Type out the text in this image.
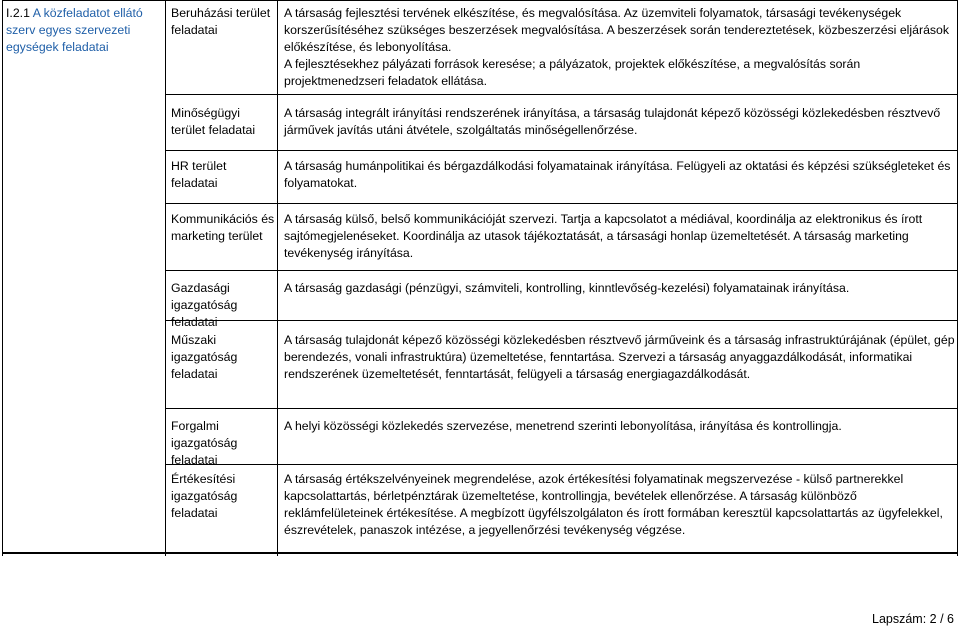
I.2.1 A közfeladatot ellátó szerv egyes szervezeti egységek feladatai
Beruházási terület feladatai
A társaság fejlesztési tervének elkészítése, és megvalósítása. Az üzemviteli folyamatok, társasági tevékenységek korszerűsítéséhez szükséges beszerzések megvalósítása. A beszerzések során tendereztetések, közbeszerzési eljárások előkészítése, és lebonyolítása.
A fejlesztésekhez pályázati források keresése; a pályázatok, projektek előkészítése, a megvalósítás során projektmenedzseri feladatok ellátása.
Minőségügyi terület feladatai
A társaság integrált irányítási rendszerének irányítása, a társaság tulajdonát képező közösségi közlekedésben résztvevő járművek javítás utáni átvétele, szolgáltatás minőségellenőrzése.
HR terület feladatai
A társaság humánpolitikai és bérgazdálkodási folyamatainak irányítása. Felügyeli az oktatási és képzési szükségleteket és folyamatokat.
Kommunikációs és marketing terület
A társaság külső, belső kommunikációját szervezi. Tartja a kapcsolatot a médiával, koordinálja az elektronikus és írott sajtómegjelenéseket. Koordinálja az utasok tájékoztatását, a társasági honlap üzemeltetését. A társaság marketing tevékenység irányítása.
Gazdasági igazgatóság feladatai
A társaság gazdasági (pénzügyi, számviteli, kontrolling, kinntlevőség-kezelési) folyamatainak irányítása.
Műszaki igazgatóság feladatai
A társaság tulajdonát képező közösségi közlekedésben résztvevő járműveink és a társaság infrastruktúrájának (épület, gép berendezés, vonali infrastruktúra) üzemeltetése, fenntartása. Szervezi a társaság anyaggazdálkodását, informatikai rendszerének üzemeltetését, fenntartását, felügyeli a társaság energiagazdálkodását.
Forgalmi igazgatóság feladatai
A helyi közösségi közlekedés szervezése, menetrend szerinti lebonyolítása, irányítása és kontrollingja.
Értékesítési igazgatóság feladatai
A társaság értékszelvényeinek megrendelése, azok értékesítési folyamatinak megszervezése - külső partnerekkel kapcsolattartás, bérletpénztárak üzemeltetése, kontrollingja, bevételek ellenőrzése. A társaság különböző reklámfelületeinek értékesítése. A megbízott ügyfélszolgálaton és írott formában keresztül kapcsolattartás az ügyfelekkel, észrevételek, panaszok intézése, a jegyellenőrzési tevékenység végzése.
Lapszám: 2 / 6
